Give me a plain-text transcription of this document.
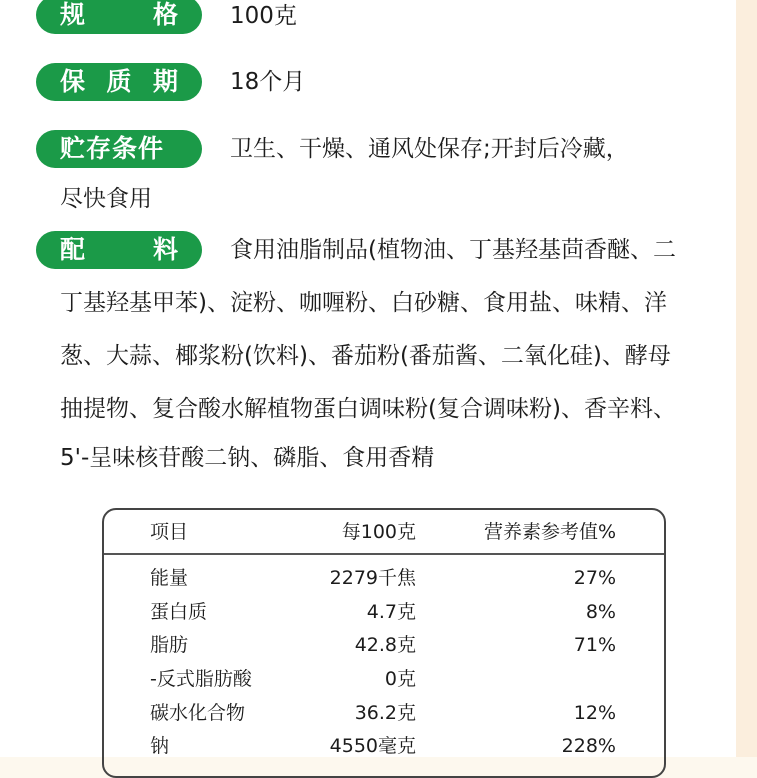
规	格 100克
保 质 期 18个月
贮存条件	卫生、干燥、通风处保存;开封后冷藏，
尽快食用
配	料 食用油脂制品(植物油、丁基羟基茴香醚、二
丁基羟基甲苯)、淀粉、咖喱粉、白砂糖、食用盐、味精、洋
葱、大蒜、椰浆粉(饮料)、番茄粉(番茄酱、二氧化硅)、酵母
抽提物、复合酸水解植物蛋白调味粉(复合调味粉)、香辛料、
5'-呈味核苷酸二钠、磷脂、食用香精
项目	每100克	营养素参考值%
能量	2279千焦	27%
蛋白质	4.7克	8%
脂肪	42.8克	71%
-反式脂肪酸	0克
碳水化合物	36.2克	12%
钠	4550毫克	228%
